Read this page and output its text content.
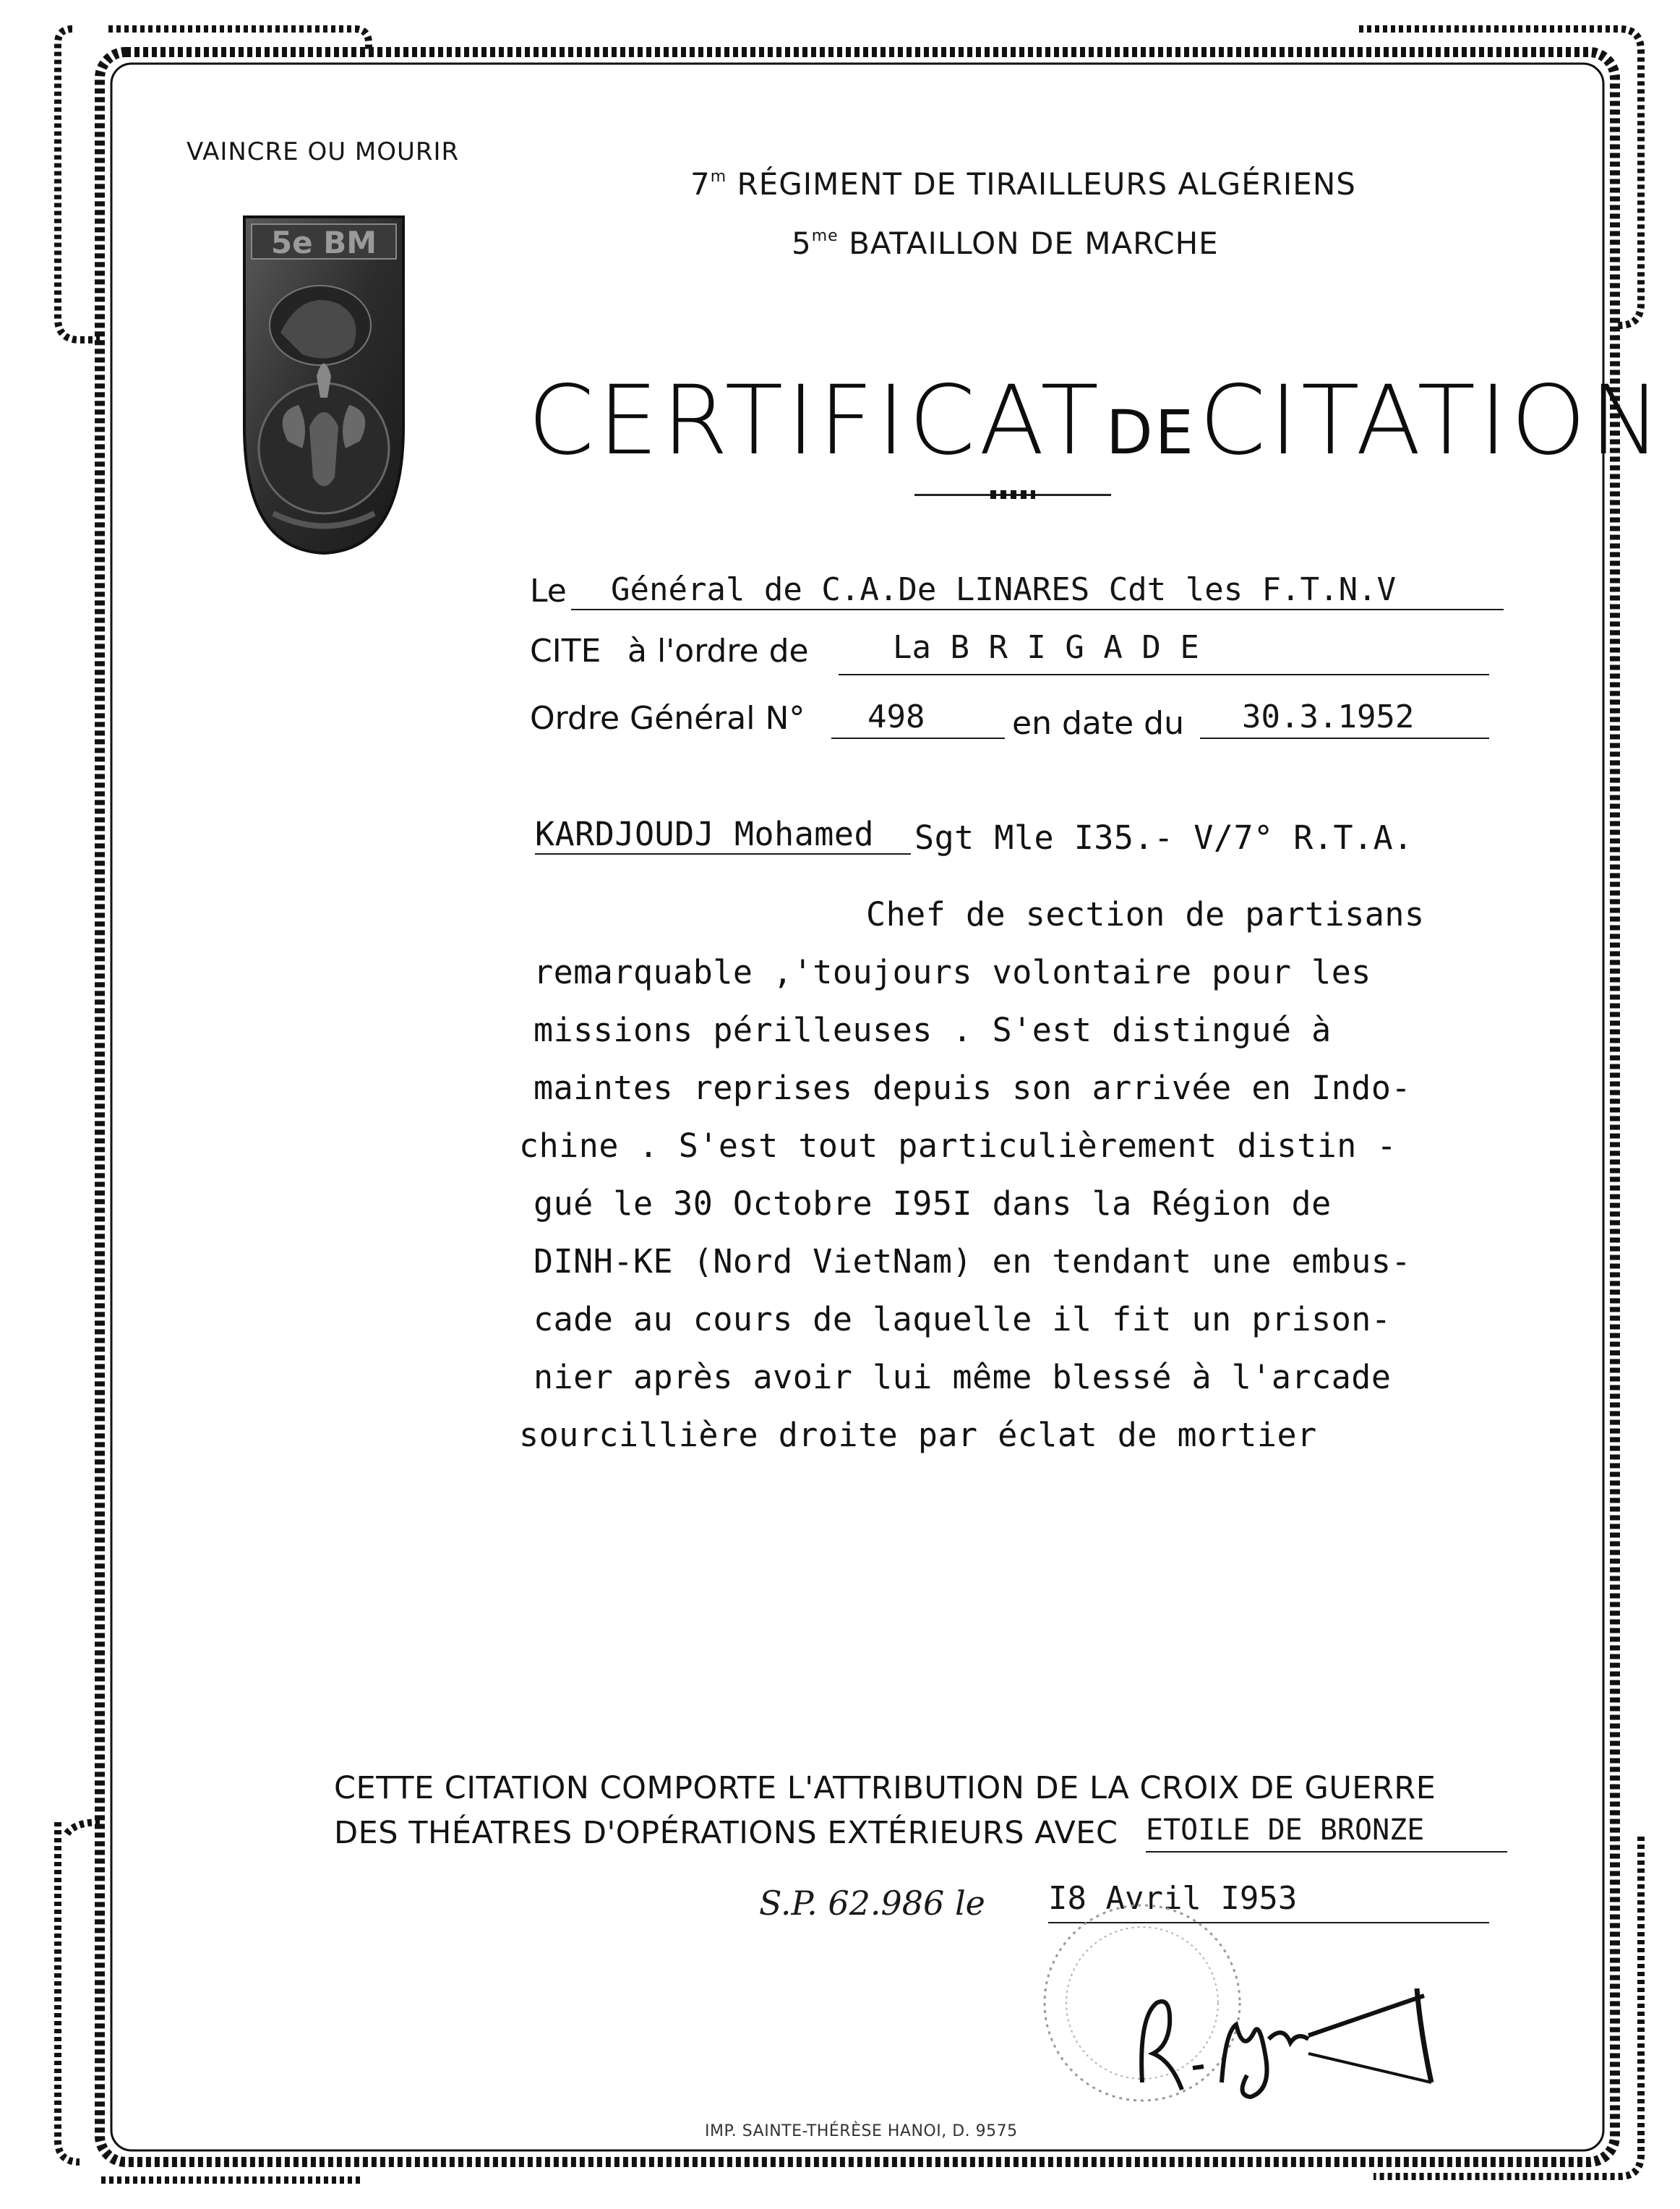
VAINCRE OU MOURIR
5e BM
7$^m$ RÉGIMENT DE TIRAILLEURS ALGÉRIENS
$5^{me}$ BATAILLON DE MARCHE
CERTIFICAT DE CITATION
Le Général de C.A.De LINARES Cdt les F.T.N.V
CITE à l'ordre de	La B R I G A D E
Ordre Général N° 498	en date du 30.3.1952
KARDJOUDJ Mohamed Sgt Mle I35.- V/7° R.T.A.
Chef de section de partisans
remarquable ,'toujours volontaire pour les
missions périlleuses . S'est distingué à
maintes reprises depuis son arrivée en Indo-
chine . S'est tout particulièrement distin -
gué le 30 Octobre I95I dans la Région de
DINH-KE (Nord VietNam) en tendant une embus-
cade au cours de laquelle il fit un prison-
nier après avoir lui même blessé à l'arcade
sourcillière droite par éclat de mortier
CETTE CITATION COMPORTE L'ATTRIBUTION DE LA CROIX DE GUERRE
DES THÉATRES D'OPÉRATIONS EXTÉRIEURS AVEC ETOILE DE BRONZE
S.P. 62.986 le I8 Avril I953
R. Nyn
IMP. SAINTE-THÉRÈSE HANOI, D. 9575
